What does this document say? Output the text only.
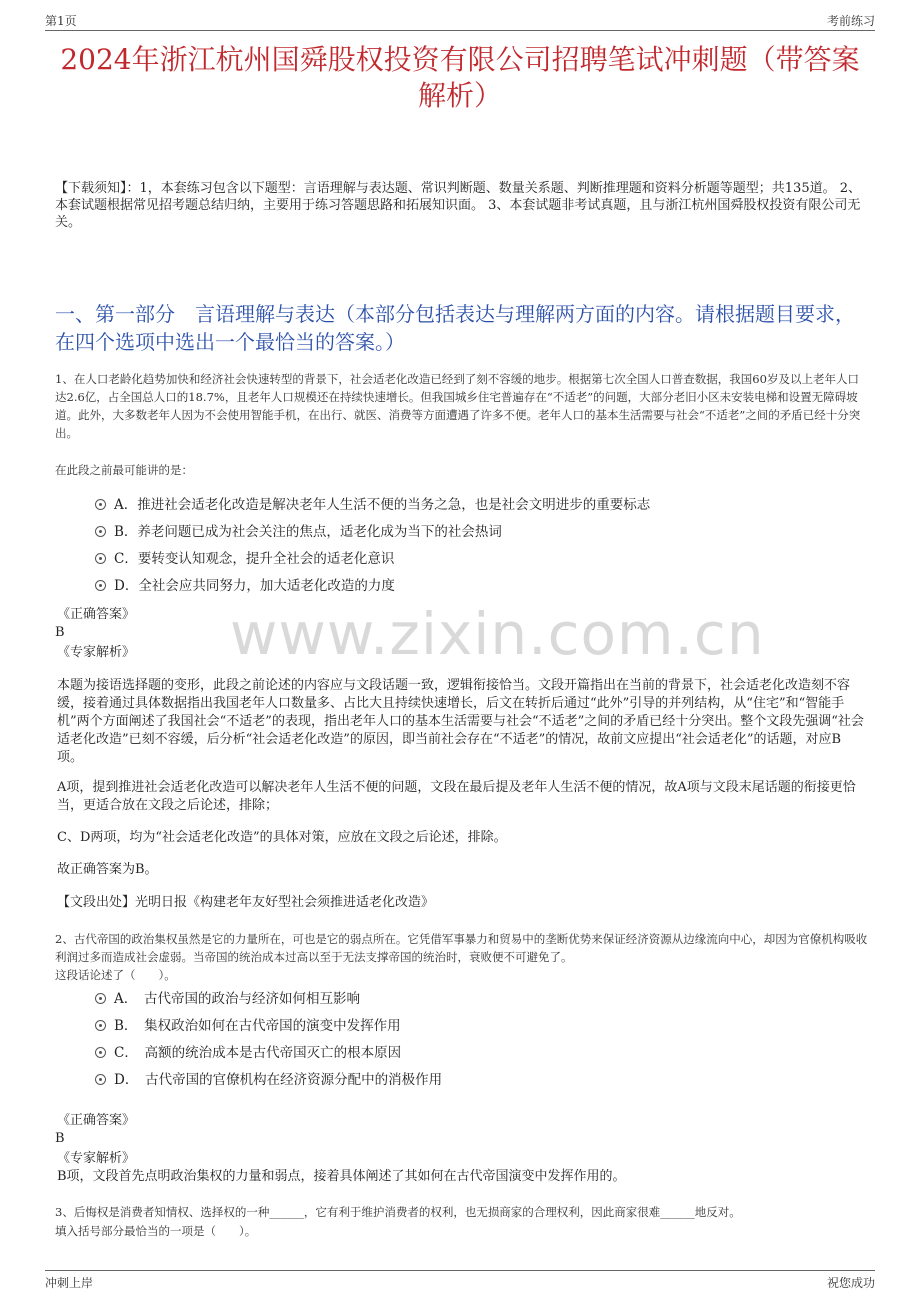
第1页	考前练习
2024年浙江杭州国舜股权投资有限公司招聘笔试冲刺题（带答案解析）
【下载须知】：1，本套练习包含以下题型：言语理解与表达题、常识判断题、数量关系题、判断推理题和资料分析题等题型；共135道。 2、本套试题根据常见招考题总结归纳，主要用于练习答题思路和拓展知识面。 3、本套试题非考试真题，且与浙江杭州国舜股权投资有限公司无关。
一、第一部分　言语理解与表达（本部分包括表达与理解两方面的内容。请根据题目要求，在四个选项中选出一个最恰当的答案。）
1、在人口老龄化趋势加快和经济社会快速转型的背景下，社会适老化改造已经到了刻不容缓的地步。根据第七次全国人口普查数据，我国60岁及以上老年人口达2.6亿，占全国总人口的18.7%，且老年人口规模还在持续快速增长。但我国城乡住宅普遍存在“不适老”的问题，大部分老旧小区未安装电梯和设置无障碍坡道。此外，大多数老年人因为不会使用智能手机，在出行、就医、消费等方面遭遇了许多不便。老年人口的基本生活需要与社会“不适老”之间的矛盾已经十分突出。
在此段之前最可能讲的是：
A．推进社会适老化改造是解决老年人生活不便的当务之急，也是社会文明进步的重要标志
B．养老问题已成为社会关注的焦点，适老化成为当下的社会热词
C．要转变认知观念，提升全社会的适老化意识
D．全社会应共同努力，加大适老化改造的力度
《正确答案》
B
《专家解析》 www.zixin.com.cn
本题为接语选择题的变形，此段之前论述的内容应与文段话题一致，逻辑衔接恰当。文段开篇指出在当前的背景下，社会适老化改造刻不容缓，接着通过具体数据指出我国老年人口数量多、占比大且持续快速增长，后文在转折后通过“此外”引导的并列结构，从“住宅”和“智能手机”两个方面阐述了我国社会“不适老”的表现，指出老年人口的基本生活需要与社会“不适老”之间的矛盾已经十分突出。整个文段先强调“社会适老化改造”已刻不容缓，后分析“社会适老化改造”的原因，即当前社会存在“不适老”的情况，故前文应提出“社会适老化”的话题，对应B项。
A项，提到推进社会适老化改造可以解决老年人生活不便的问题，文段在最后提及老年人生活不便的情况，故A项与文段末尾话题的衔接更恰当，更适合放在文段之后论述，排除；
C、D两项，均为“社会适老化改造”的具体对策，应放在文段之后论述，排除。
故正确答案为B。
【文段出处】光明日报《构建老年友好型社会须推进适老化改造》
2、古代帝国的政治集权虽然是它的力量所在，可也是它的弱点所在。它凭借军事暴力和贸易中的垄断优势来保证经济资源从边缘流向中心，却因为官僚机构吸收利润过多而造成社会虚弱。当帝国的统治成本过高以至于无法支撑帝国的统治时，衰败便不可避免了。
这段话论述了（　　）。
A．　古代帝国的政治与经济如何相互影响
B．　集权政治如何在古代帝国的演变中发挥作用
C．　高额的统治成本是古代帝国灭亡的根本原因
D．　古代帝国的官僚机构在经济资源分配中的消极作用
《正确答案》
B
《专家解析》
B项，文段首先点明政治集权的力量和弱点，接着具体阐述了其如何在古代帝国演变中发挥作用的。
3、后悔权是消费者知情权、选择权的一种______，它有利于维护消费者的权利，也无损商家的合理权利，因此商家很难______地反对。
填入括号部分最恰当的一项是（　　）。
冲刺上岸	祝您成功
